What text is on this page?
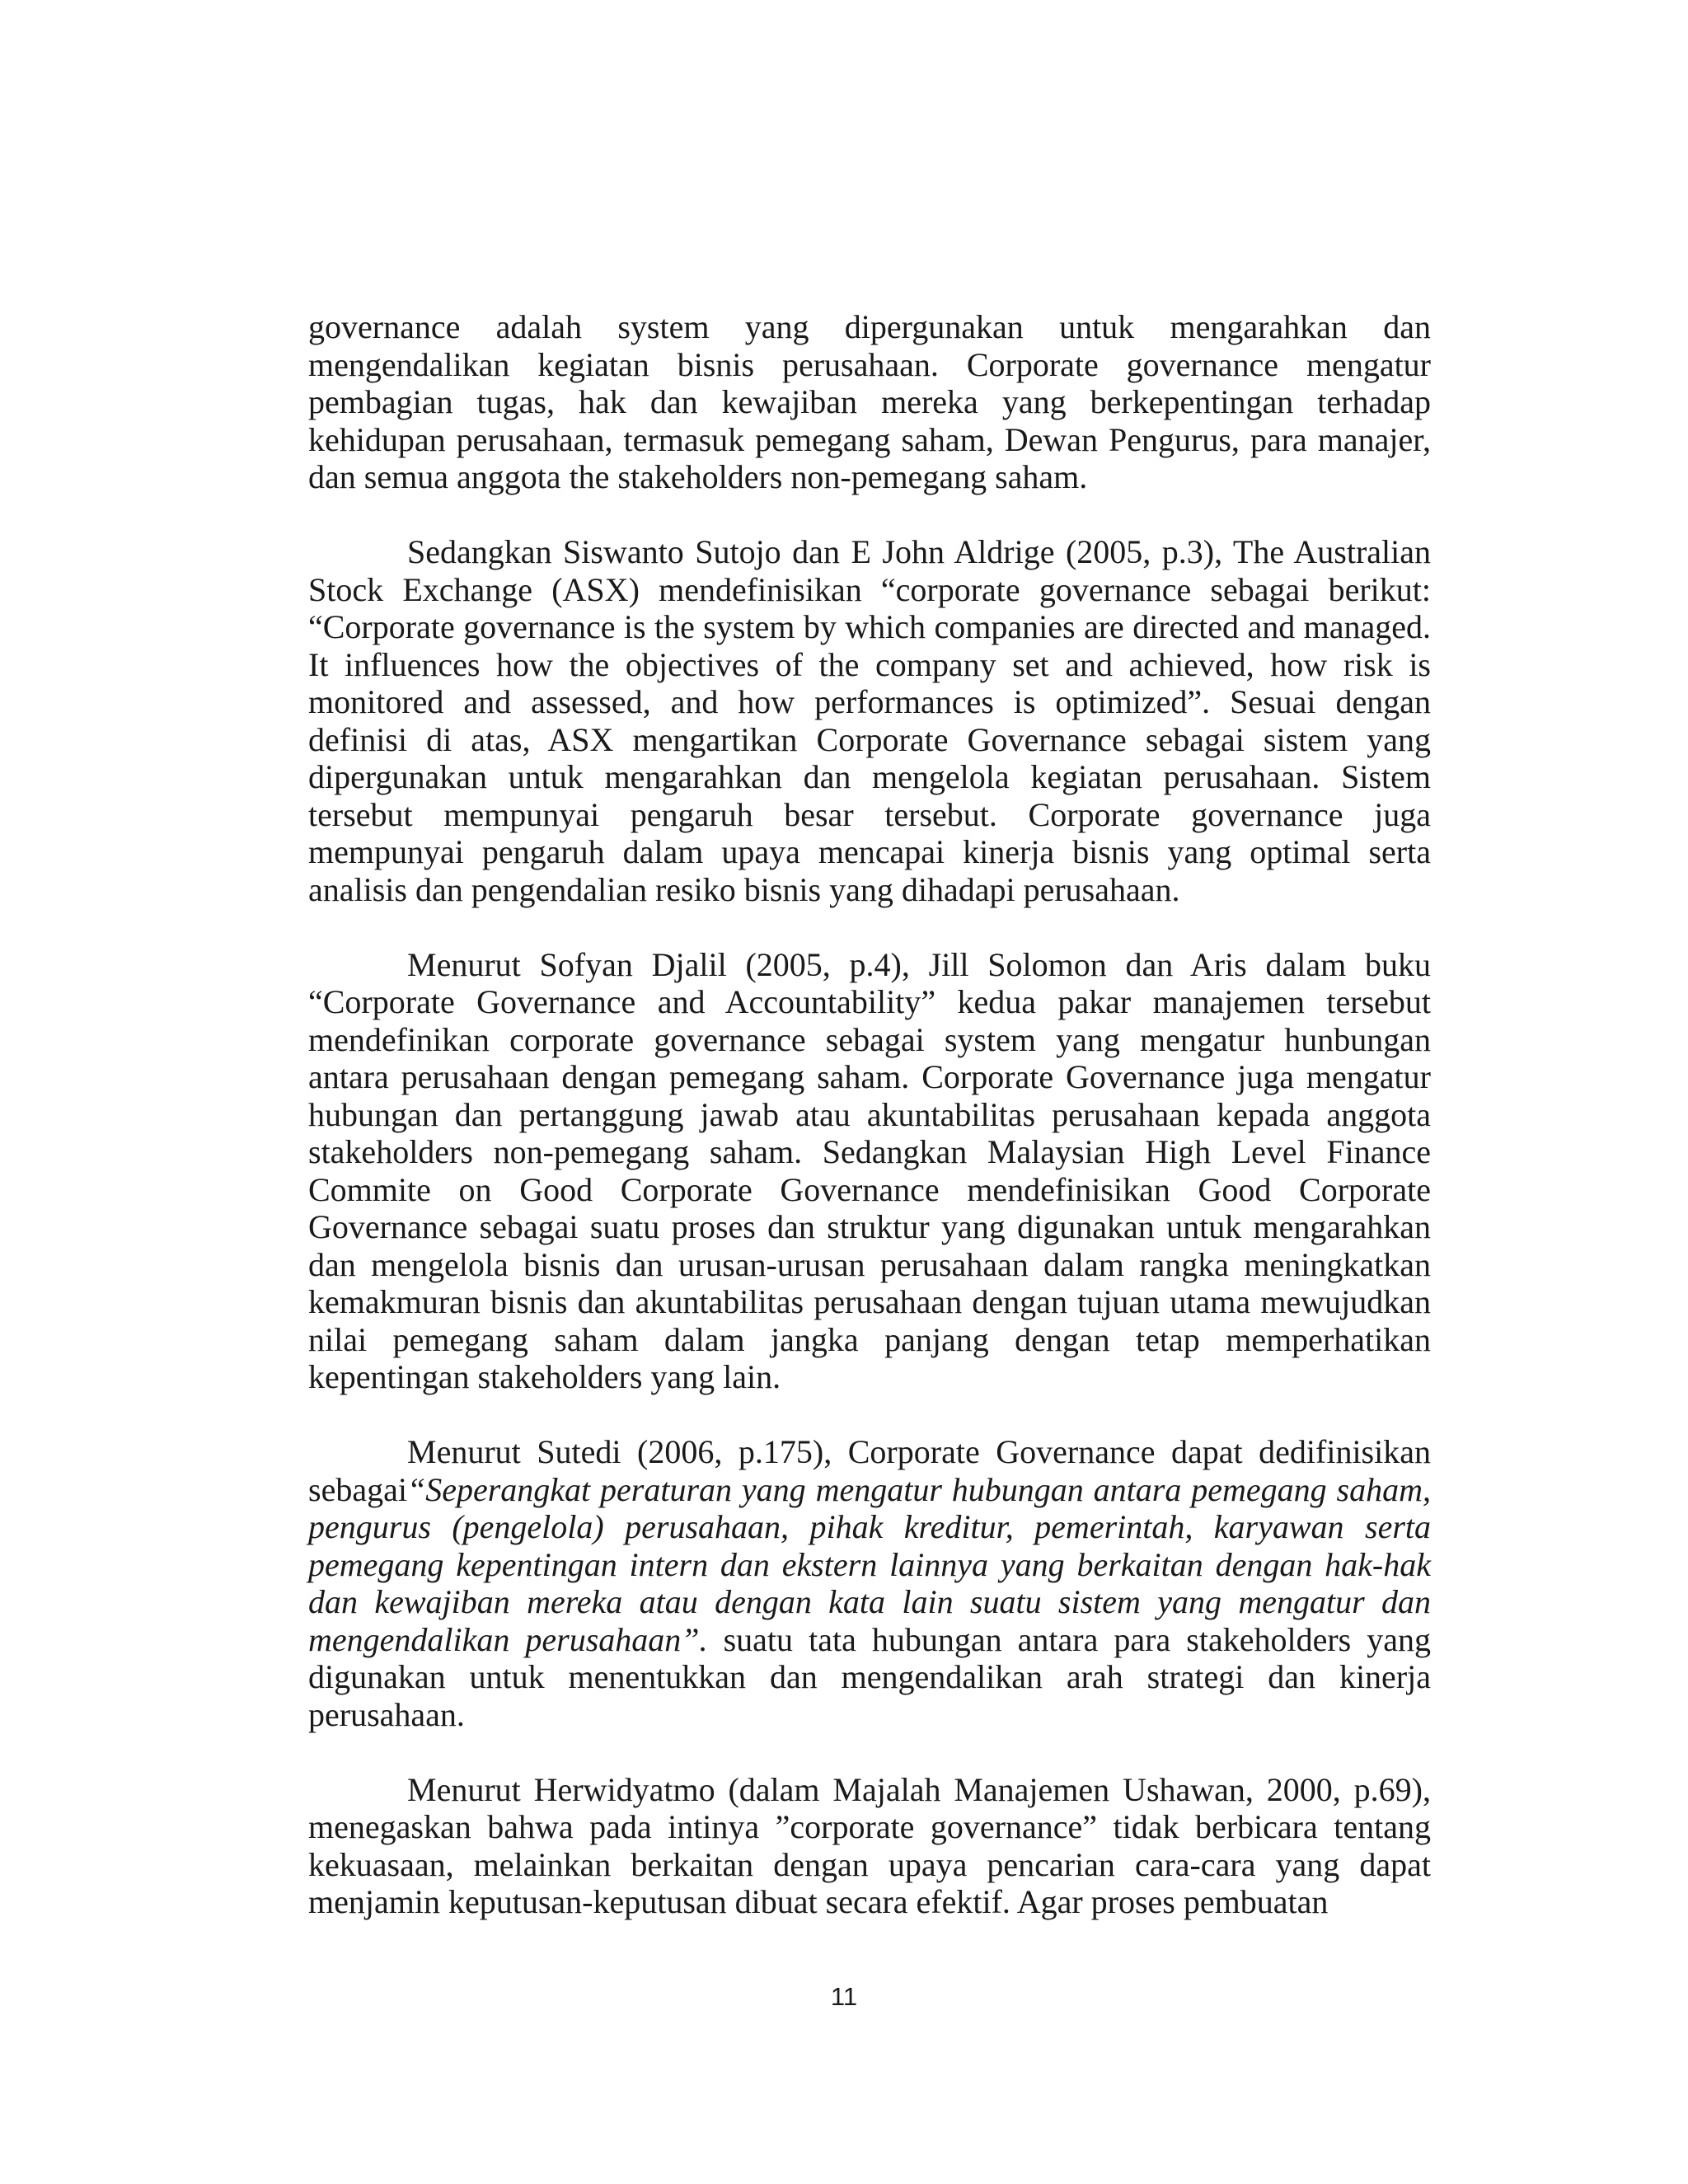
governance adalah system yang dipergunakan untuk mengarahkan dan mengendalikan kegiatan bisnis perusahaan. Corporate governance mengatur pembagian tugas, hak dan kewajiban mereka yang berkepentingan terhadap kehidupan perusahaan, termasuk pemegang saham, Dewan Pengurus, para manajer, dan semua anggota the stakeholders non-pemegang saham.

Sedangkan Siswanto Sutojo dan E John Aldrige (2005, p.3), The Australian Stock Exchange (ASX) mendefinisikan “corporate governance sebagai berikut: “Corporate governance is the system by which companies are directed and managed. It influences how the objectives of the company set and achieved, how risk is monitored and assessed, and how performances is optimized”. Sesuai dengan definisi di atas, ASX mengartikan Corporate Governance sebagai sistem yang dipergunakan untuk mengarahkan dan mengelola kegiatan perusahaan. Sistem tersebut mempunyai pengaruh besar tersebut. Corporate governance juga mempunyai pengaruh dalam upaya mencapai kinerja bisnis yang optimal serta analisis dan pengendalian resiko bisnis yang dihadapi perusahaan.

Menurut Sofyan Djalil (2005, p.4), Jill Solomon dan Aris dalam buku “Corporate Governance and Accountability” kedua pakar manajemen tersebut mendefinikan corporate governance sebagai system yang mengatur hunbungan antara perusahaan dengan pemegang saham. Corporate Governance juga mengatur hubungan dan pertanggung jawab atau akuntabilitas perusahaan kepada anggota stakeholders non-pemegang saham. Sedangkan Malaysian High Level Finance Commite on Good Corporate Governance mendefinisikan Good Corporate Governance sebagai suatu proses dan struktur yang digunakan untuk mengarahkan dan mengelola bisnis dan urusan-urusan perusahaan dalam rangka meningkatkan kemakmuran bisnis dan akuntabilitas perusahaan dengan tujuan utama mewujudkan nilai pemegang saham dalam jangka panjang dengan tetap memperhatikan kepentingan stakeholders yang lain.

Menurut Sutedi (2006, p.175), Corporate Governance dapat dedifinisikan sebagai“Seperangkat peraturan yang mengatur hubungan antara pemegang saham, pengurus (pengelola) perusahaan, pihak kreditur, pemerintah, karyawan serta pemegang kepentingan intern dan ekstern lainnya yang berkaitan dengan hak-hak dan kewajiban mereka atau dengan kata lain suatu sistem yang mengatur dan mengendalikan perusahaan”. suatu tata hubungan antara para stakeholders yang digunakan untuk menentukkan dan mengendalikan arah strategi dan kinerja perusahaan.

Menurut Herwidyatmo (dalam Majalah Manajemen Ushawan, 2000, p.69), menegaskan bahwa pada intinya ”corporate governance” tidak berbicara tentang kekuasaan, melainkan berkaitan dengan upaya pencarian cara-cara yang dapat menjamin keputusan-keputusan dibuat secara efektif. Agar proses pembuatan

11
